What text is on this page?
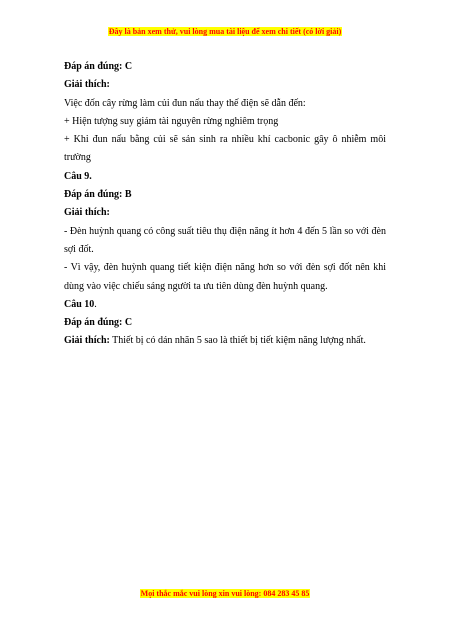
Đây là bản xem thử, vui lòng mua tài liệu để xem chi tiết (có lời giải)

Đáp án đúng: C

Giải thích:

Việc đốn cây rừng làm củi đun nấu thay thế điện sẽ dẫn đến:

+ Hiện tượng suy giảm tài nguyên rừng nghiêm trọng

+ Khi đun nấu bằng củi sẽ sản sinh ra nhiều khí cacbonic gây ô nhiễm môi trường

Câu 9.

Đáp án đúng: B

Giải thích:

- Đèn huỳnh quang có công suất tiêu thụ điện năng ít hơn 4 đến 5 lần so với đèn sợi đốt.

- Vì vậy, đèn huỳnh quang tiết kiện điện năng hơn so với đèn sợi đốt nên khi dùng vào việc chiếu sáng người ta ưu tiên dùng đèn huỳnh quang.

Câu 10.

Đáp án đúng: C

Giải thích: Thiết bị có dán nhãn 5 sao là thiết bị tiết kiệm năng lượng nhất.

Mọi thắc mắc vui lòng xin vui lòng: 084 283 45 85
